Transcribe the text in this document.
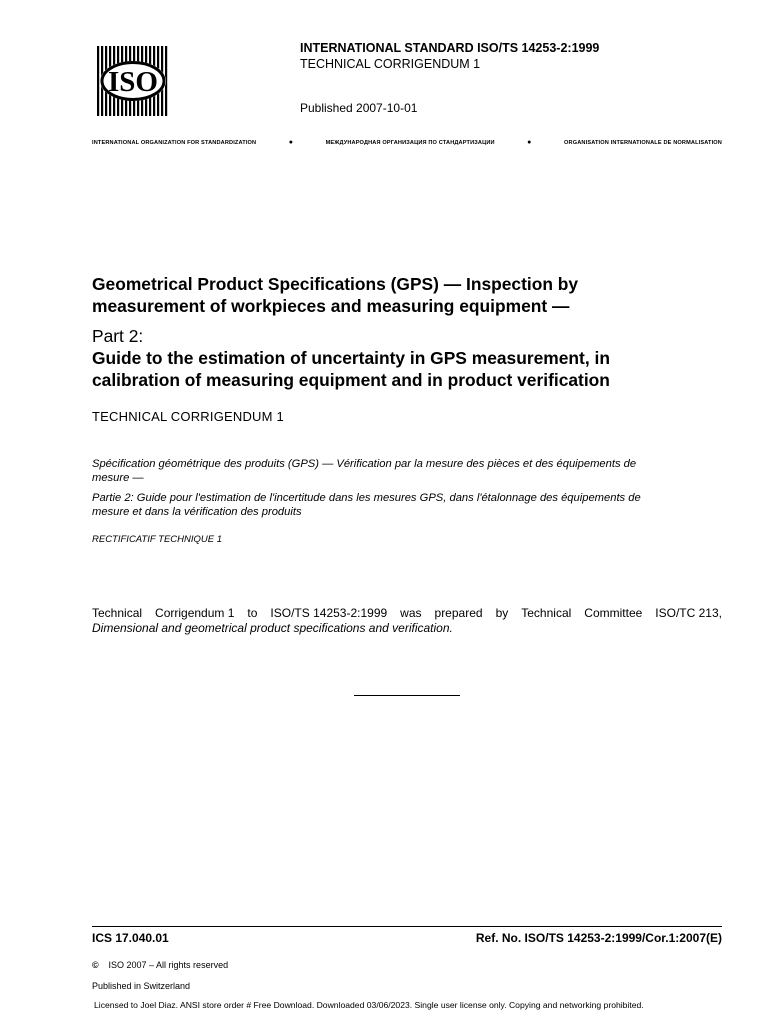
ISO
INTERNATIONAL STANDARD ISO/TS 14253-2:1999
TECHNICAL CORRIGENDUM 1
Published 2007-10-01
INTERNATIONAL ORGANIZATION FOR STANDARDIZATION	●	МЕЖДУНАРОДНАЯ ОРГАНИЗАЦИЯ ПО СТАНДАРТИЗАЦИИ	●	ORGANISATION INTERNATIONALE DE NORMALISATION
Geometrical Product Specifications (GPS) — Inspection by
measurement of workpieces and measuring equipment —
Part 2:
Guide to the estimation of uncertainty in GPS measurement, in
calibration of measuring equipment and in product verification
TECHNICAL CORRIGENDUM 1
Spécification géométrique des produits (GPS) — Vérification par la mesure des pièces et des équipements de
mesure —
Partie 2: Guide pour l'estimation de l'incertitude dans les mesures GPS, dans l'étalonnage des équipements de
mesure et dans la vérification des produits
RECTIFICATIF TECHNIQUE 1
Technical Corrigendum 1 to ISO/TS 14253-2:1999 was prepared by Technical Committee ISO/TC 213,
Dimensional and geometrical product specifications and verification.
ICS 17.040.01	Ref. No. ISO/TS 14253-2:1999/Cor.1:2007(E)
© ISO 2007 – All rights reserved
Published in Switzerland
Licensed to Joel Diaz. ANSI store order # Free Download. Downloaded 03/06/2023. Single user license only. Copying and networking prohibited.
